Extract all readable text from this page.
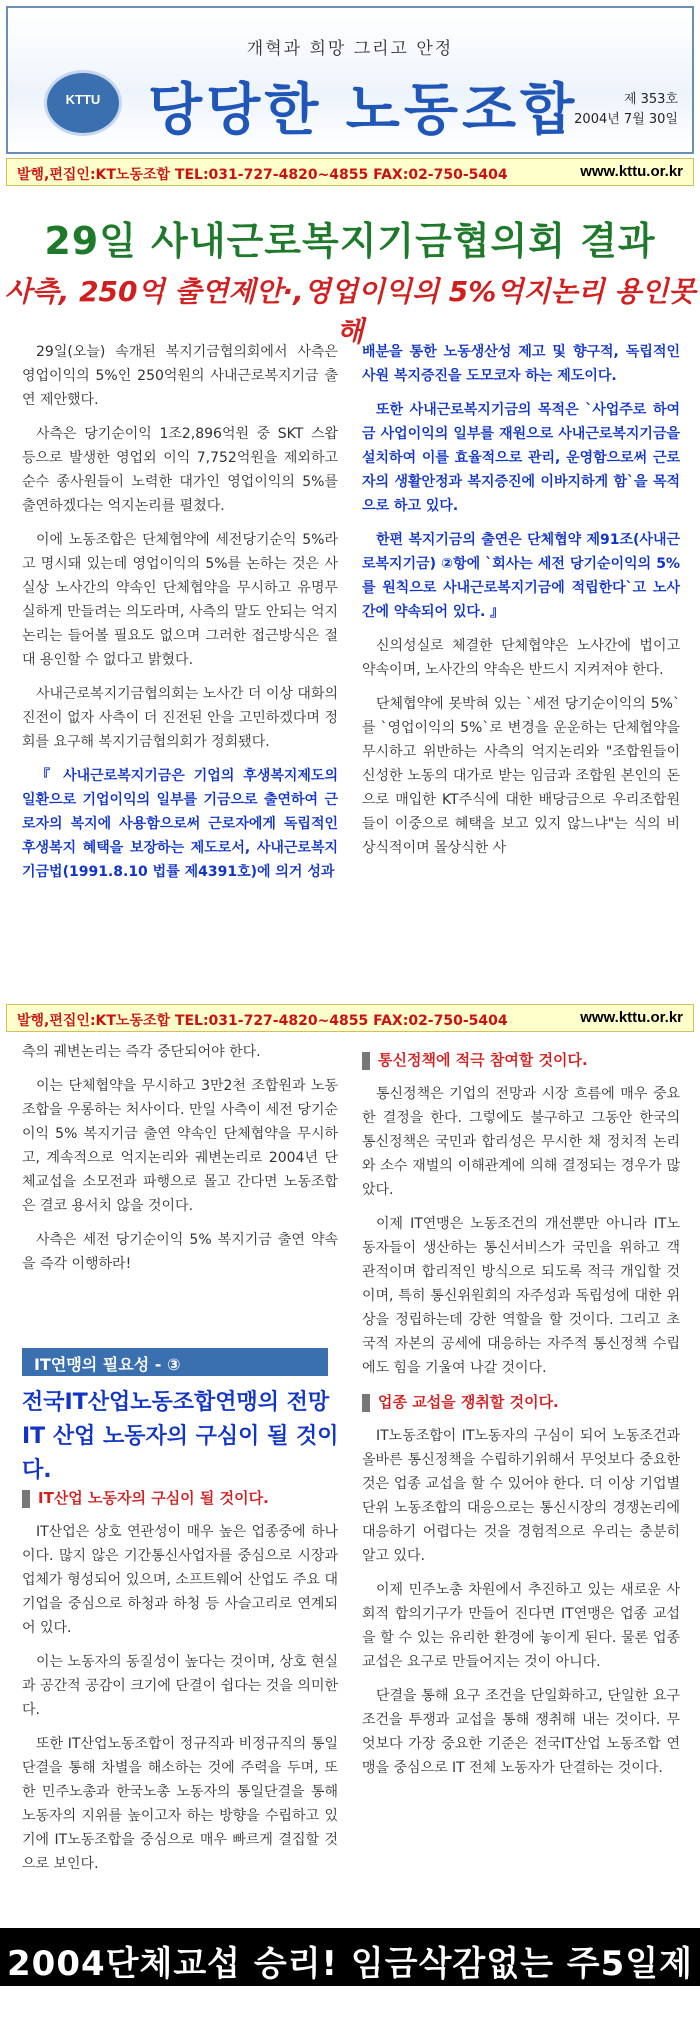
개혁과 희망 그리고 안정
KTTU 당당한 노동조합	제 353호
2004년 7월 30일
발행,편집인:KT노동조합 TEL:031-727-4820~4855 FAX:02-750-5404	www.kttu.or.kr
29일 사내근로복지기금협의회 결과
사측, 250억 출연제안·,영업이익의 5%억지논리 용인못해

29일(오늘) 속개된 복지기금협의회에서 사측은 영업이익의 5%인 250억원의 사내근로복지기금 출연 제안했다.

사측은 당기순이익 1조2,896억원 중 SKT 스왑 등으로 발생한 영업외 이익 7,752억원을 제외하고 순수 종사원들이 노력한 대가인 영업이익의 5%를 출연하겠다는 억지논리를 펼쳤다.

이에 노동조합은 단체협약에 세전당기순익 5%라고 명시돼 있는데 영업이익의 5%를 논하는 것은 사실상 노사간의 약속인 단체협약을 무시하고 유명무실하게 만들려는 의도라며, 사측의 말도 안되는 억지논리는 들어볼 필요도 없으며 그러한 접근방식은 절대 용인할 수 없다고 밝혔다.

사내근로복지기금협의회는 노사간 더 이상 대화의 진전이 없자 사측이 더 진전된 안을 고민하겠다며 정회를 요구해 복지기금협의회가 정회됐다.

『 사내근로복지기금은 기업의 후생복지제도의 일환으로 기업이익의 일부를 기금으로 출연하여 근로자의 복지에 사용함으로써 근로자에게 독립적인 후생복지 혜택을 보장하는 제도로서, 사내근로복지기금법(1991.8.10 법률 제4391호)에 의거 성과

배분을 통한 노동생산성 제고 및 향구적, 독립적인 사원 복지증진을 도모코자 하는 제도이다.

또한 사내근로복지기금의 목적은 `사업주로 하여금 사업이익의 일부를 재원으로 사내근로복지기금을 설치하여 이를 효율적으로 관리, 운영함으로써 근로자의 생활안정과 복지증진에 이바지하게 함`을 목적으로 하고 있다.

한편 복지기금의 출연은 단체협약 제91조(사내근로복지기금) ②항에 `회사는 세전 당기순이익의 5%를 원칙으로 사내근로복지기금에 적립한다`고 노사간에 약속되어 있다. 』

신의성실로 체결한 단체협약은 노사간에 법이고 약속이며, 노사간의 약속은 반드시 지켜져야 한다.

단체협약에 못박혀 있는 `세전 당기순이익의 5%`를 `영업이익의 5%`로 변경을 운운하는 단체협약을 무시하고 위반하는 사측의 억지논리와 "조합원들이 신성한 노동의 대가로 받는 임금과 조합원 본인의 돈으로 매입한 KT주식에 대한 배당금으로 우리조합원들이 이중으로 혜택을 보고 있지 않느냐"는 식의 비상식적이며 몰상식한 사

발행,편집인:KT노동조합 TEL:031-727-4820~4855 FAX:02-750-5404	www.kttu.or.kr

측의 궤변논리는 즉각 중단되어야 한다.

이는 단체협약을 무시하고 3만2천 조합원과 노동조합을 우롱하는 처사이다. 만일 사측이 세전 당기순이익 5% 복지기금 출연 약속인 단체협약을 무시하고, 계속적으로 억지논리와 궤변논리로 2004년 단체교섭을 소모전과 파행으로 몰고 간다면 노동조합은 결코 용서치 않을 것이다.

사측은 세전 당기순이익 5% 복지기금 출연 약속을 즉각 이행하라!

IT연맹의 필요성 - ③
전국IT산업노동조합연맹의 전망
IT 산업 노동자의 구심이 될 것이다.

IT산업 노동자의 구심이 될 것이다.

IT산업은 상호 연관성이 매우 높은 업종중에 하나이다. 많지 않은 기간통신사업자를 중심으로 시장과 업체가 형성되어 있으며, 소프트웨어 산업도 주요 대기업을 중심으로 하청과 하청 등 사슬고리로 연계되어 있다.

이는 노동자의 동질성이 높다는 것이며, 상호 현실과 공간적 공감이 크기에 단결이 쉽다는 것을 의미한다.

또한 IT산업노동조합이 정규직과 비정규직의 통일단결을 통해 차별을 해소하는 것에 주력을 두며, 또한 민주노총과 한국노총 노동자의 통일단결을 통해 노동자의 지위를 높이고자 하는 방향을 수립하고 있기에 IT노동조합을 중심으로 매우 빠르게 결집할 것으로 보인다.

통신정책에 적극 참여할 것이다.

통신정책은 기업의 전망과 시장 흐름에 매우 중요한 결정을 한다. 그렇에도 불구하고 그동안 한국의 통신정책은 국민과 합리성은 무시한 채 정치적 논리와 소수 재벌의 이해관계에 의해 결정되는 경우가 많았다.

이제 IT연맹은 노동조건의 개선뿐만 아니라 IT노동자들이 생산하는 통신서비스가 국민을 위하고 객관적이며 합리적인 방식으로 되도록 적극 개입할 것이며, 특히 통신위원회의 자주성과 독립성에 대한 위상을 정립하는데 강한 역할을 할 것이다. 그리고 초국적 자본의 공세에 대응하는 자주적 통신정책 수립에도 힘을 기울여 나갈 것이다.

업종 교섭을 쟁취할 것이다.

IT노동조합이 IT노동자의 구심이 되어 노동조건과 올바른 통신정책을 수립하기위해서 무엇보다 중요한 것은 업종 교섭을 할 수 있어야 한다. 더 이상 기업별 단위 노동조합의 대응으로는 통신시장의 경쟁논리에 대응하기 어렵다는 것을 경험적으로 우리는 충분히 알고 있다.

이제 민주노총 차원에서 추진하고 있는 새로운 사회적 합의기구가 만들어 진다면 IT연맹은 업종 교섭을 할 수 있는 유리한 환경에 놓이게 된다. 물론 업종교섭은 요구로 만들어지는 것이 아니다.

단결을 통해 요구 조건을 단일화하고, 단일한 요구 조건을 투쟁과 교섭을 통해 쟁취해 내는 것이다. 무엇보다 가장 중요한 기준은 전국IT산업 노동조합 연맹을 중심으로 IT 전체 노동자가 단결하는 것이다.

2004단체교섭 승리! 임금삭감없는 주5일제 쟁취!
